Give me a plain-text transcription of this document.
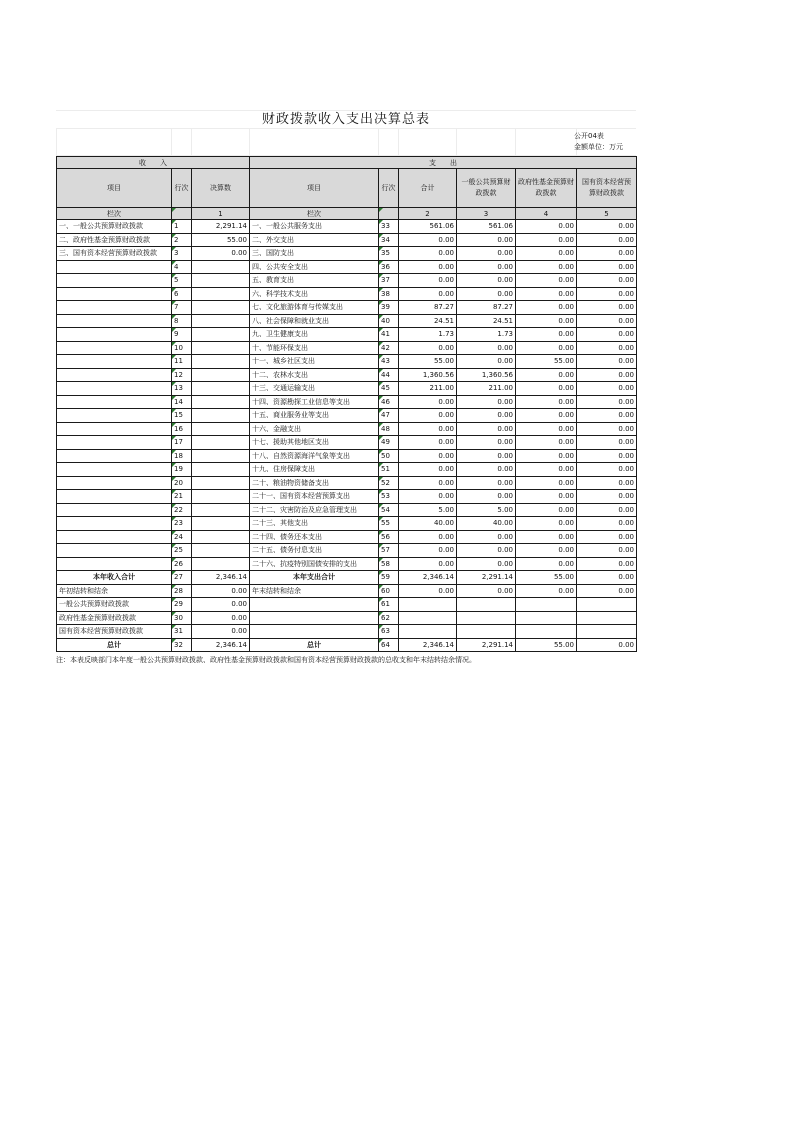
财政拨款收入支出决算总表
公开04表
金额单位：万元
收　　入			支　　出					
项目	行次	决算数	项目	行次	合计	一般公共预算财政拨款	政府性基金预算财政拨款	国有资本经营预算财政拨款
栏次		1	栏次		2	3	4	5
一、一般公共预算财政拨款	1	2,291.14	一、一般公共服务支出	33	561.06	561.06	0.00	0.00
二、政府性基金预算财政拨款	2	55.00	二、外交支出	34	0.00	0.00	0.00	0.00
三、国有资本经营预算财政拨款	3	0.00	三、国防支出	35	0.00	0.00	0.00	0.00
	4		四、公共安全支出	36	0.00	0.00	0.00	0.00
	5		五、教育支出	37	0.00	0.00	0.00	0.00
	6		六、科学技术支出	38	0.00	0.00	0.00	0.00
	7		七、文化旅游体育与传媒支出	39	87.27	87.27	0.00	0.00
	8		八、社会保障和就业支出	40	24.51	24.51	0.00	0.00
	9		九、卫生健康支出	41	1.73	1.73	0.00	0.00
	10		十、节能环保支出	42	0.00	0.00	0.00	0.00
	11		十一、城乡社区支出	43	55.00	0.00	55.00	0.00
	12		十二、农林水支出	44	1,360.56	1,360.56	0.00	0.00
	13		十三、交通运输支出	45	211.00	211.00	0.00	0.00
	14		十四、资源勘探工业信息等支出	46	0.00	0.00	0.00	0.00
	15		十五、商业服务业等支出	47	0.00	0.00	0.00	0.00
	16		十六、金融支出	48	0.00	0.00	0.00	0.00
	17		十七、援助其他地区支出	49	0.00	0.00	0.00	0.00
	18		十八、自然资源海洋气象等支出	50	0.00	0.00	0.00	0.00
	19		十九、住房保障支出	51	0.00	0.00	0.00	0.00
	20		二十、粮油物资储备支出	52	0.00	0.00	0.00	0.00
	21		二十一、国有资本经营预算支出	53	0.00	0.00	0.00	0.00
	22		二十二、灾害防治及应急管理支出	54	5.00	5.00	0.00	0.00
	23		二十三、其他支出	55	40.00	40.00	0.00	0.00
	24		二十四、债务还本支出	56	0.00	0.00	0.00	0.00
	25		二十五、债务付息支出	57	0.00	0.00	0.00	0.00
	26		二十六、抗疫特别国债安排的支出	58	0.00	0.00	0.00	0.00
本年收入合计	27	2,346.14	本年支出合计	59	2,346.14	2,291.14	55.00	0.00
年初结转和结余	28	0.00	年末结转和结余	60	0.00	0.00	0.00	0.00
一般公共预算财政拨款	29	0.00		61				
政府性基金预算财政拨款	30	0.00		62				
国有资本经营预算财政拨款	31	0.00		63				
总计	32	2,346.14	总计	64	2,346.14	2,291.14	55.00	0.00
注：本表反映部门本年度一般公共预算财政拨款、政府性基金预算财政拨款和国有资本经营预算财政拨款的总收支和年末结转结余情况。
